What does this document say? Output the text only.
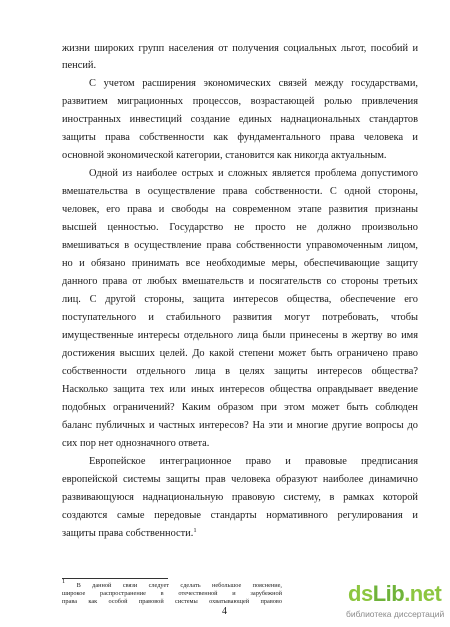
жизни широких групп населения от получения социальных льгот, пособий и
пенсий.
С учетом расширения экономических связей между государствами,
развитием миграционных процессов, возрастающей ролью привлечения
иностранных инвестиций создание единых наднациональных стандартов
защиты права собственности как фундаментального права человека и
основной экономической категории, становится как никогда актуальным.
Одной из наиболее острых и сложных является проблема допустимого
вмешательства в осуществление права собственности. С одной стороны,
человек, его права и свободы на современном этапе развития признаны
высшей ценностью. Государство не просто не должно произвольно
вмешиваться в осуществление права собственности управомоченным лицом,
но и обязано принимать все необходимые меры, обеспечивающие защиту
данного права от любых вмешательств и посягательств со стороны третьих
лиц. С другой стороны, защита интересов общества, обеспечение его
поступательного и стабильного развития могут потребовать, чтобы
имущественные интересы отдельного лица были принесены в жертву во имя
достижения высших целей. До какой степени может быть ограничено право
собственности отдельного лица в целях защиты интересов общества?
Насколько защита тех или иных интересов общества оправдывает введение
подобных ограничений? Каким образом при этом может быть соблюден
баланс публичных и частных интересов? На эти и многие другие вопросы до
сих пор нет однозначного ответа.
Европейское интеграционное право и правовые предписания
европейской системы защиты прав человека образуют наиболее динамично
развивающуюся наднациональную правовую систему, в рамках которой
создаются самые передовые стандарты нормативного регулирования и
защиты права собственности.$^1$
$^1$ В данной связи следует сделать небольшое пояснение,
широкое распространение в отечественной и зарубежной
права как особой правовой системы охватывающей правово
4
dsLib.net
библиотека диссертаций
